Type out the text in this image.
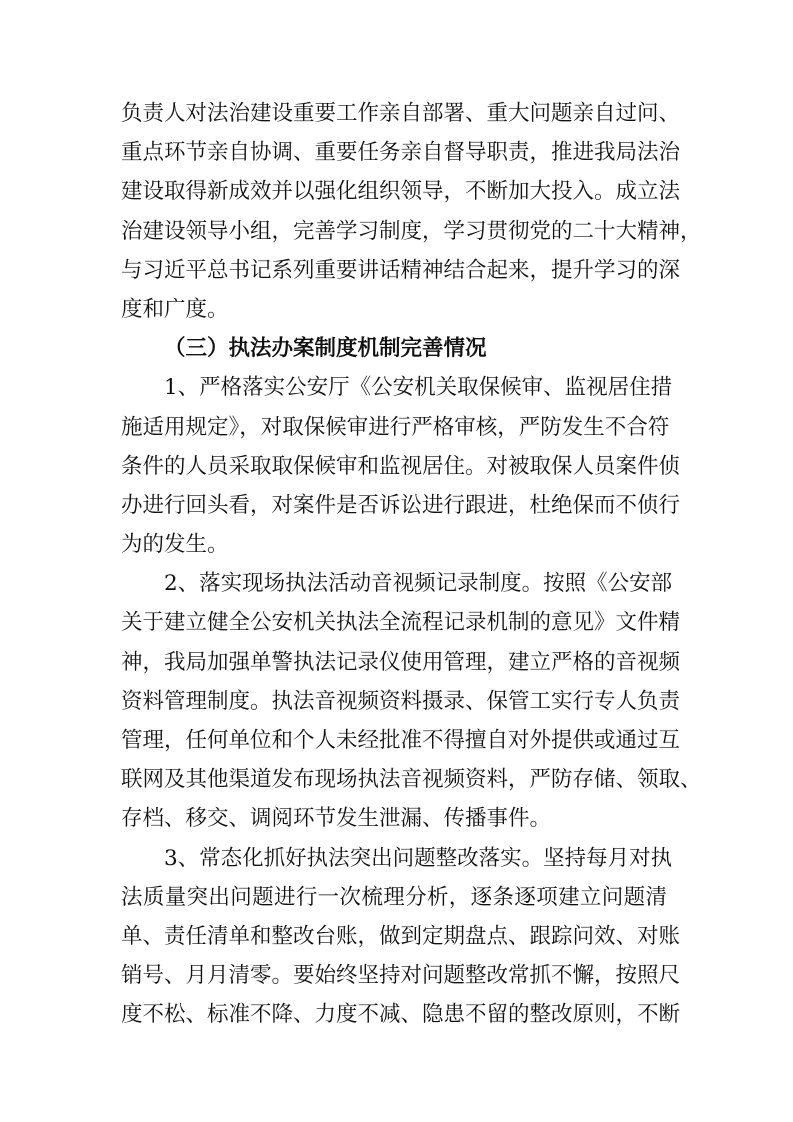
负责人对法治建设重要工作亲自部署、重大问题亲自过问、
重点环节亲自协调、重要任务亲自督导职责，推进我局法治
建设取得新成效并以强化组织领导，不断加大投入。成立法
治建设领导小组，完善学习制度，学习贯彻党的二十大精神，
与习近平总书记系列重要讲话精神结合起来，提升学习的深
度和广度。
（三）执法办案制度机制完善情况
1、严格落实公安厅《公安机关取保候审、监视居住措
施适用规定》，对取保候审进行严格审核，严防发生不合符
条件的人员采取取保候审和监视居住。对被取保人员案件侦
办进行回头看，对案件是否诉讼进行跟进，杜绝保而不侦行
为的发生。
2、落实现场执法活动音视频记录制度。按照《公安部
关于建立健全公安机关执法全流程记录机制的意见》文件精
神，我局加强单警执法记录仪使用管理，建立严格的音视频
资料管理制度。执法音视频资料摄录、保管工实行专人负责
管理，任何单位和个人未经批准不得擅自对外提供或通过互
联网及其他渠道发布现场执法音视频资料，严防存储、领取、
存档、移交、调阅环节发生泄漏、传播事件。
3、常态化抓好执法突出问题整改落实。坚持每月对执
法质量突出问题进行一次梳理分析，逐条逐项建立问题清
单、责任清单和整改台账，做到定期盘点、跟踪问效、对账
销号、月月清零。要始终坚持对问题整改常抓不懈，按照尺
度不松、标准不降、力度不减、隐患不留的整改原则，不断
